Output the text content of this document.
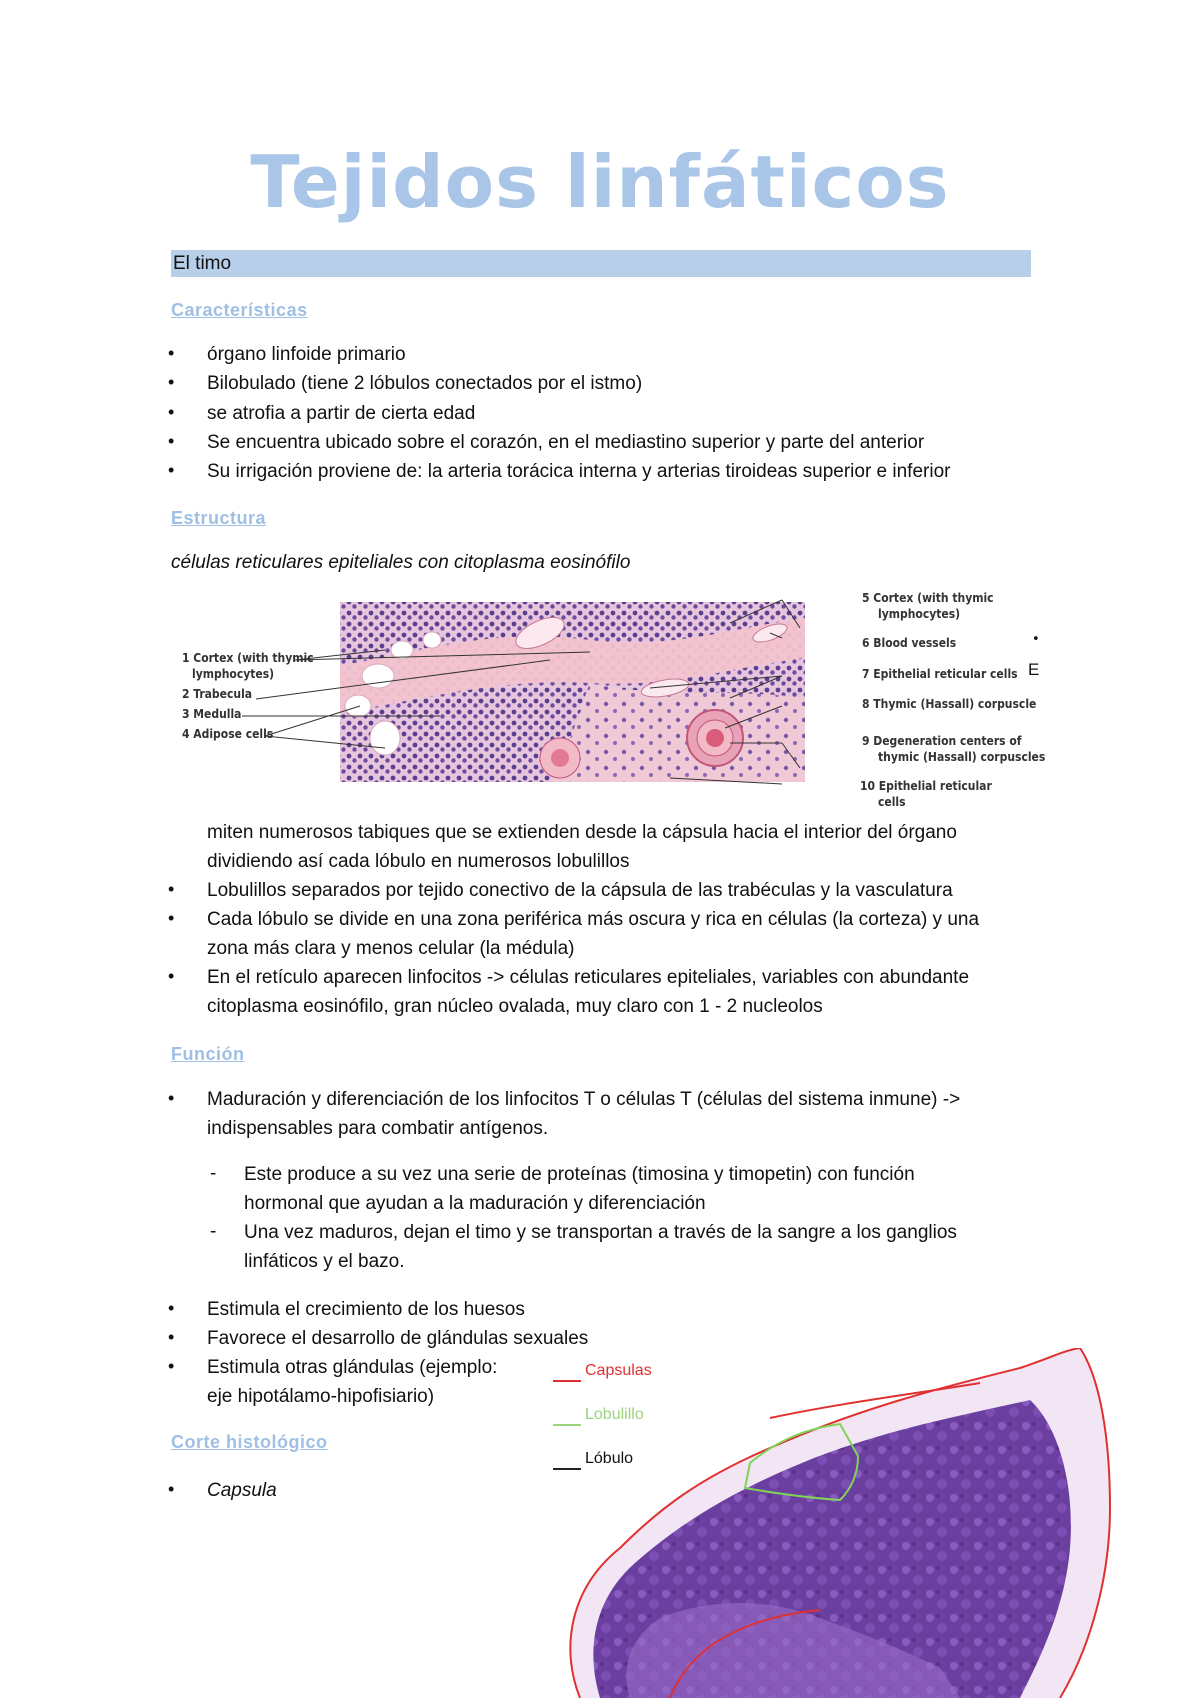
Tejidos linfáticos
El timo
Características
•
órgano linfoide primario
•
Bilobulado (tiene 2 lóbulos conectados por el istmo)
•
se atrofia a partir de cierta edad
•
Se encuentra ubicado sobre el corazón, en el mediastino superior y parte del anterior
•
Su irrigación proviene de: la arteria torácica interna y arterias tiroideas superior e inferior
Estructura
células reticulares epiteliales con citoplasma eosinófilo
•
1 Cortex (with thymic
lymphocytes)
2 Trabecula
3 Medulla
4 Adipose cells
5 Cortex (with thymic
lymphocytes)
6 Blood vessels
7 Epithelial reticular cells
8 Thymic (Hassall) corpuscle
9 Degeneration centers of
thymic (Hassall) corpuscles
10 Epithelial reticular
cells
E
miten numerosos tabiques que se extienden desde la cápsula hacia el interior del órgano
dividiendo así cada lóbulo en numerosos lobulillos
•
Lobulillos separados por tejido conectivo de la cápsula de las trabéculas y la vasculatura
•
Cada lóbulo se divide en una zona periférica más oscura y rica en células (la corteza) y una
zona más clara y menos celular (la médula)
•
En el retículo aparecen linfocitos -> células reticulares epiteliales, variables con abundante
citoplasma eosinófilo, gran núcleo ovalada, muy claro con 1 - 2 nucleolos
Función
•
Maduración y diferenciación de los linfocitos T o células T (células del sistema inmune) ->
indispensables para combatir antígenos.
- Este produce a su vez una serie de proteínas (timosina y timopetin) con función
hormonal que ayudan a la maduración y diferenciación
- Una vez maduros, dejan el timo y se transportan a través de la sangre a los ganglios
linfáticos y el bazo.
•
Estimula el crecimiento de los huesos
•
Favorece el desarrollo de glándulas sexuales
•
Estimula otras glándulas (ejemplo:
eje hipotálamo-hipofisiario)
Corte histológico
•
Capsula
Capsulas
Lobulillo
Lóbulo
